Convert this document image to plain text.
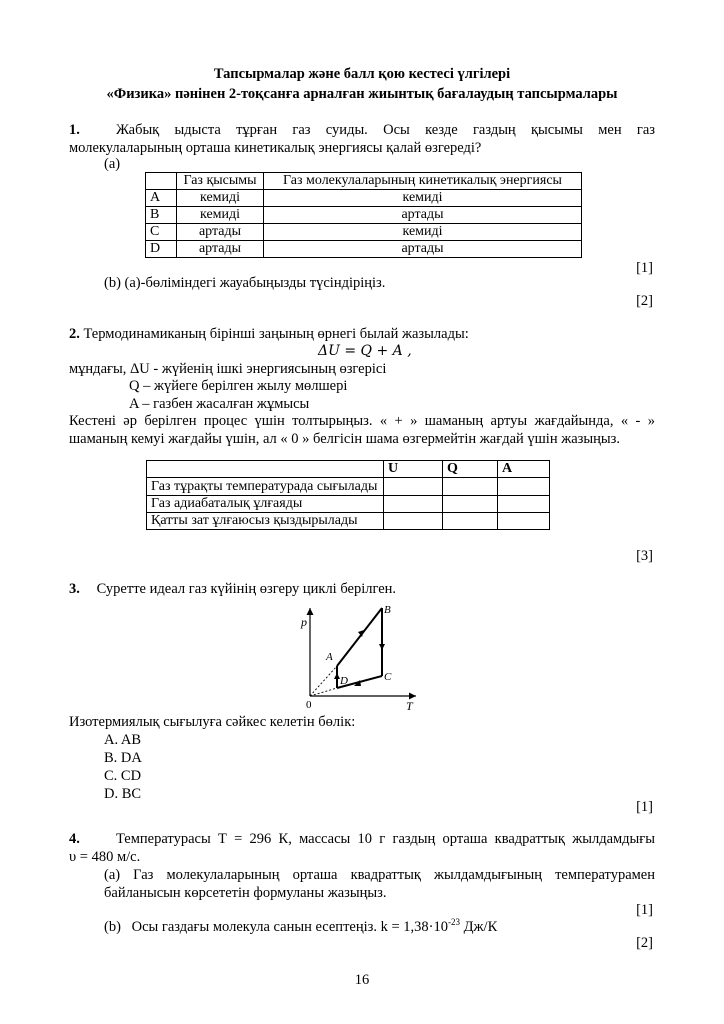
Тапсырмалар және балл қою кестесі үлгілері
«Физика» пәнінен 2-тоқсанға арналған жиынтық бағалаудың тапсырмалары
1.	Жабық ыдыста тұрған газ суиды. Осы кезде газдың қысымы мен газ
молекулаларының орташа кинетикалық энергиясы қалай өзгереді?
(a)
	Газ қысымы	Газ молекулаларының кинетикалық энергиясы
A	кемиді	кемиді
B	кемиді	артады
C	артады	кемиді
D	артады	артады
[1]
(b) (a)-бөліміндегі жауабыңызды түсіндіріңіз.
[2]
2. Термодинамиканың бірінші заңының өрнегі былай жазылады:
ΔU = Q + A ,
мұндағы, ΔU - жүйенің ішкі энергиясының өзгерісі
Q – жүйеге берілген жылу мөлшері
A – газбен жасалған жұмысы
Кестені әр берілген процес үшін толтырыңыз. « + » шаманың артуы жағдайында, « - »
шаманың кемуі жағдайы үшін, ал « 0 » белгісін шама өзгермейтін жағдай үшін жазыңыз.
	U	Q	A
Газ тұрақты температурада сығылады			
Газ адиабаталық ұлғаяды			
Қатты зат ұлғаюсыз қыздырылады			
[3]
3. Суретте идеал газ күйінің өзгеру циклі берілген.
p
T
0
A
B
C
D
Изотермиялық сығылуға сәйкес келетін бөлік:
A. AB
B. DA
C. CD
D. BC
[1]
4.	Температурасы Т = 296 К, массасы 10 г газдың орташа квадраттық жылдамдығы
υ = 480 м/с.
(a) Газ молекулаларының орташа квадраттық жылдамдығының температурамен
байланысын көрсететін формуланы жазыңыз.
[1]
(b) Осы газдағы молекула санын есептеңіз. $k = 1,38\cdot 10^{-23}$ Дж/К
[2]
16
